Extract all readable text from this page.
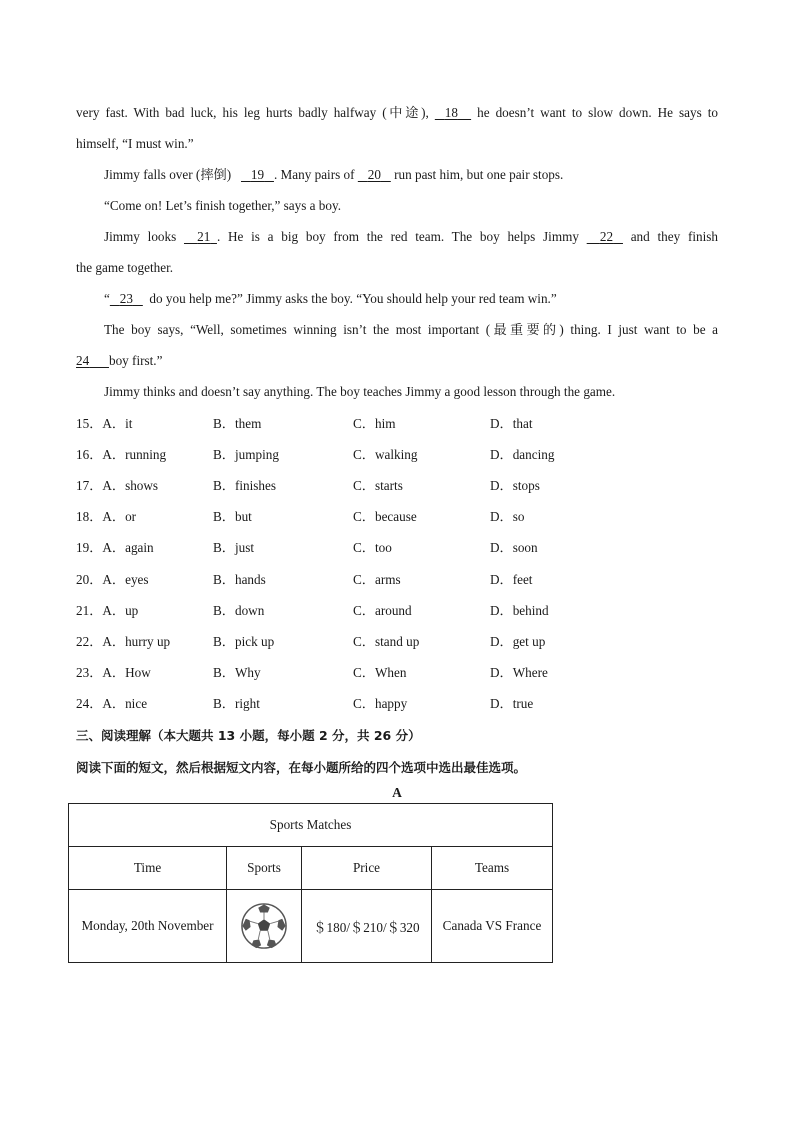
very fast. With bad luck, his leg hurts badly halfway (中途), 18 he doesn’t want to slow down. He says to
himself, “I must win.”
Jimmy falls over (摔倒) 19 . Many pairs of 20 run past him, but one pair stops.
“Come on! Let’s finish together,” says a boy.
Jimmy looks 21 . He is a big boy from the red team. The boy helps Jimmy 22 and they finish
the game together.
“ 23 do you help me?” Jimmy asks the boy. “You should help your red team win.”
The boy says, “Well, sometimes winning isn’t the most important (最重要的) thing. I just want to be a
24 boy first.”
Jimmy thinks and doesn’t say anything. The boy teaches Jimmy a good lesson through the game.
15．A．it	B．them	C．him	D．that
16．A．running	B．jumping	C．walking	D．dancing
17．A．shows	B．finishes	C．starts	D．stops
18．A．or	B．but	C．because	D．so
19．A．again	B．just	C．too	D．soon
20．A．eyes	B．hands	C．arms	D．feet
21．A．up	B．down	C．around	D．behind
22．A．hurry up	B．pick up	C．stand up	D．get up
23．A．How	B．Why	C．When	D．Where
24．A．nice	B．right	C．happy	D．true
三、阅读理解（本大题共 13 小题，每小题 2 分，共 26 分）
阅读下面的短文，然后根据短文内容，在每小题所给的四个选项中选出最佳选项。
A
Sports Matches			
Time	Sports	Price	Teams
Monday, 20th November		＄180/＄210/＄320	Canada VS France
